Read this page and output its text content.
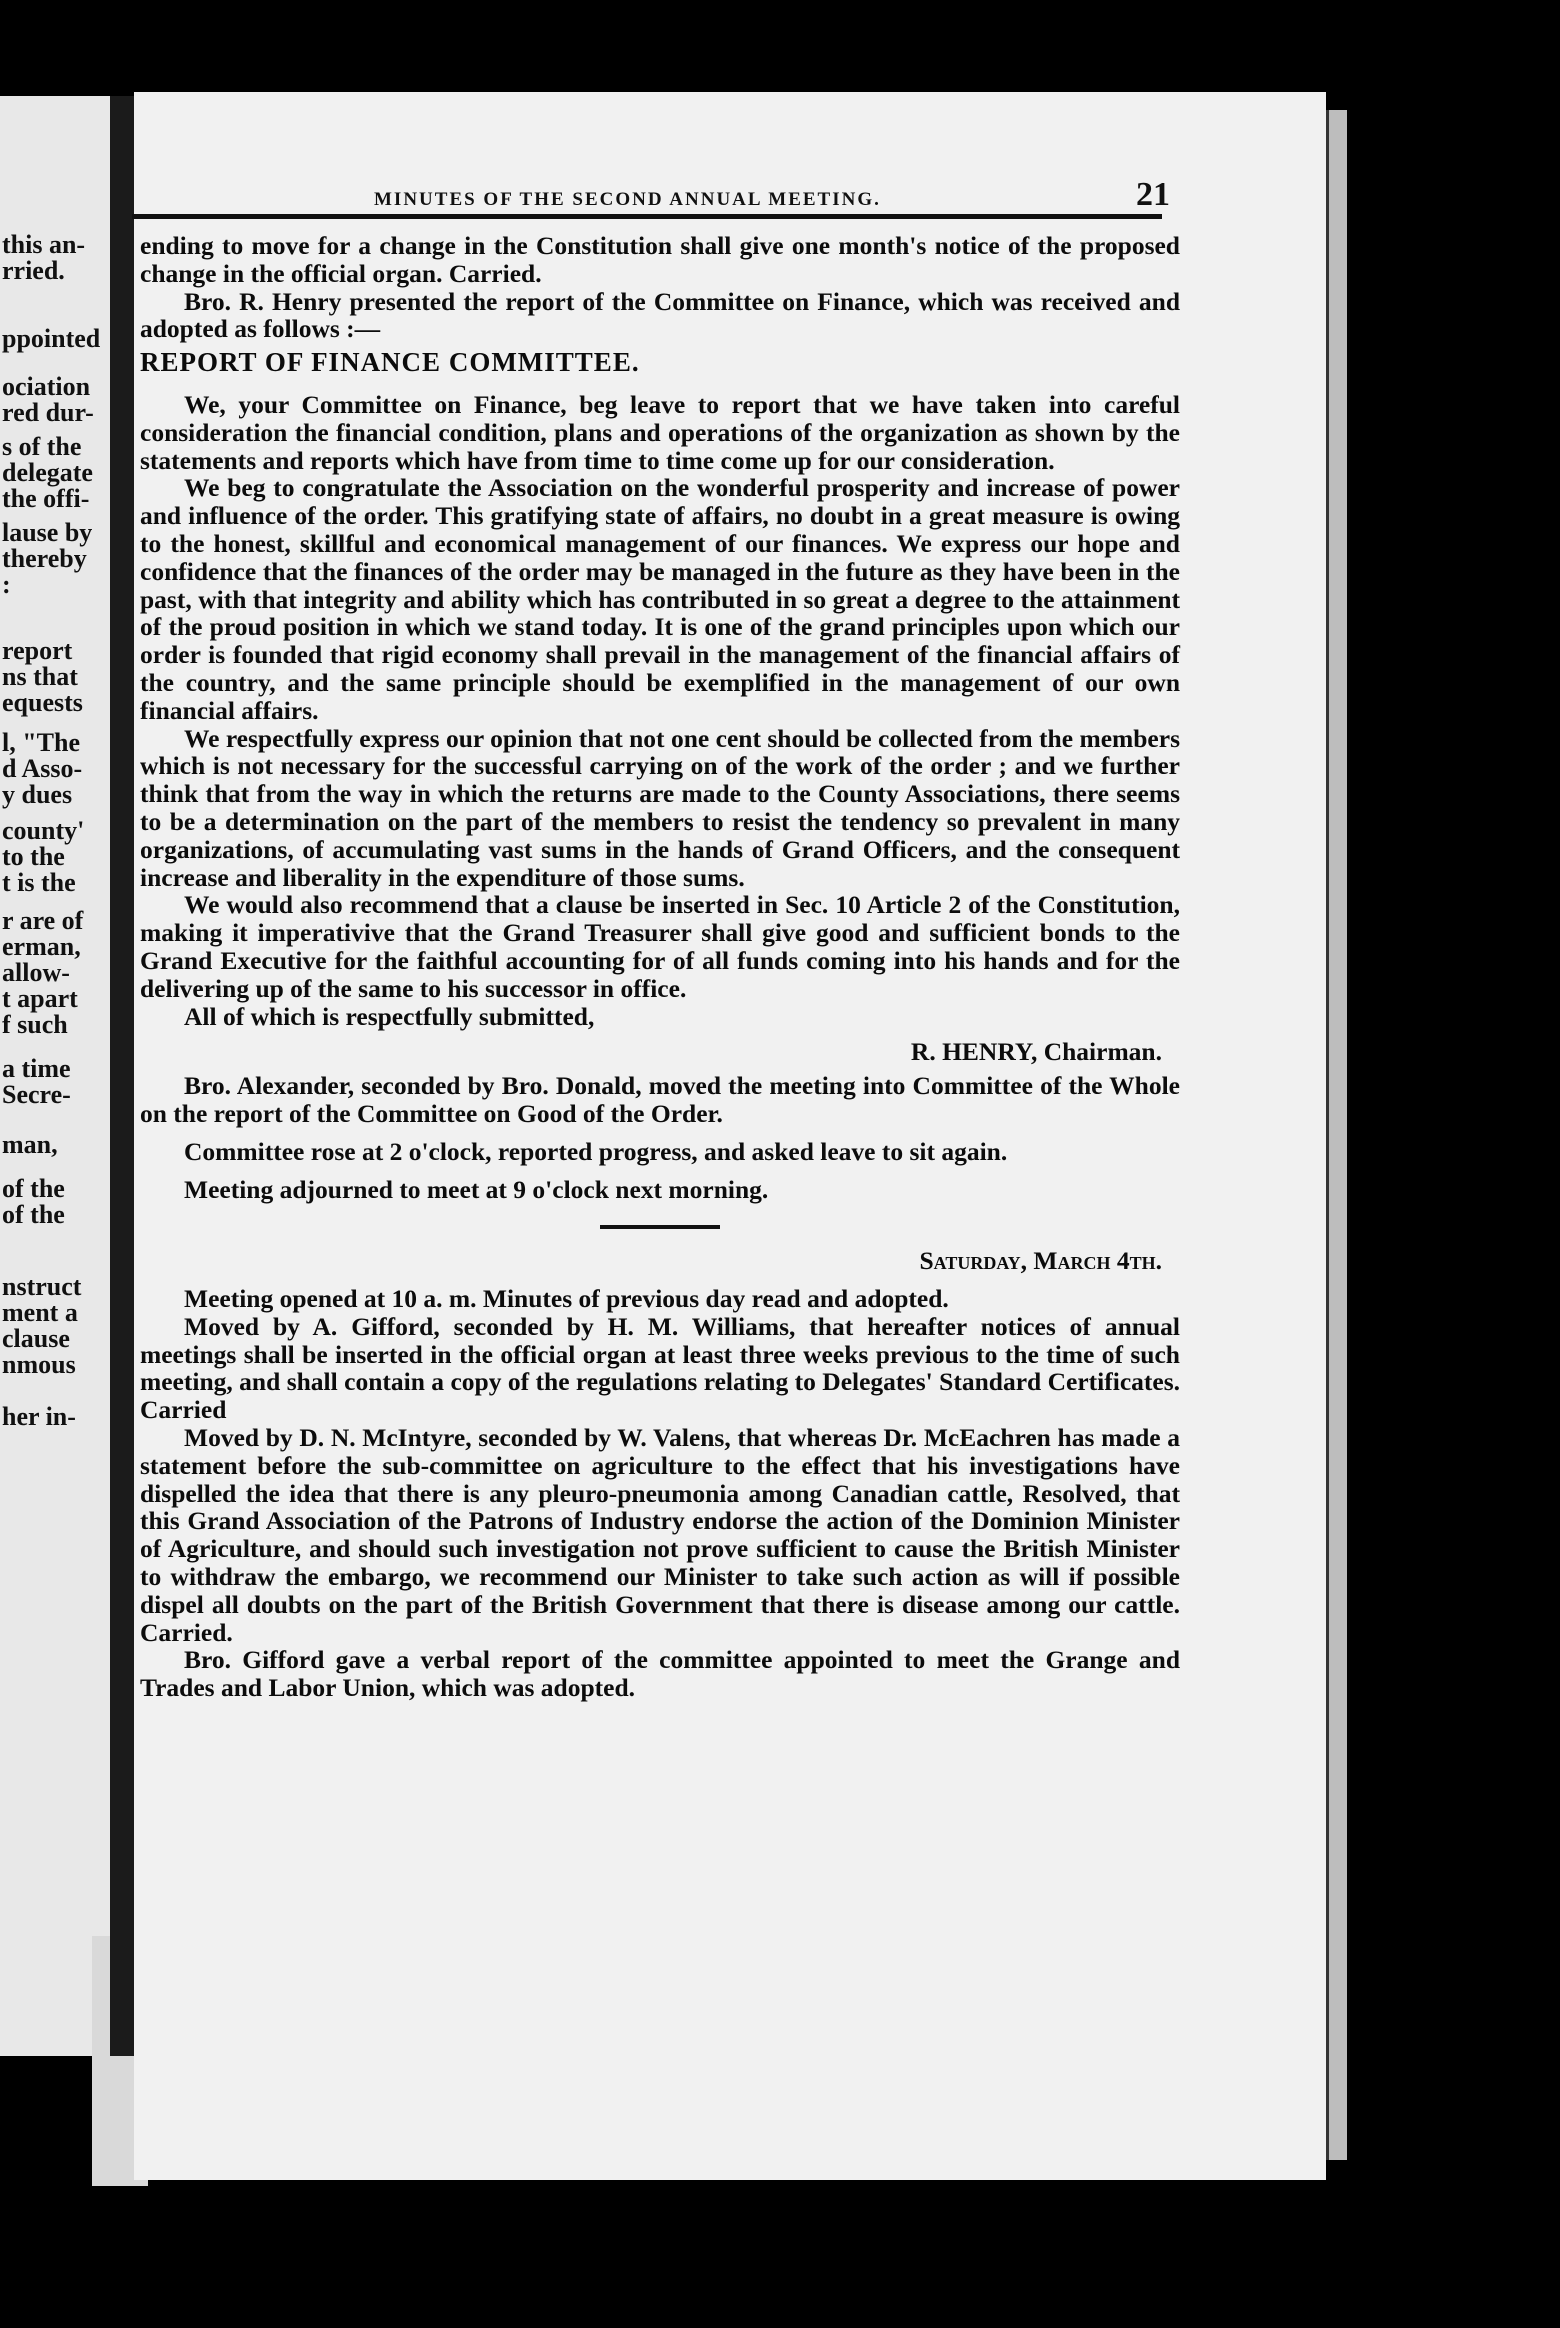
this an-
rried.
ppointed
ociation
red dur-
s of the
delegate
the offi-
lause by
thereby
:
report
ns that
equests
l, "The
d Asso-
y dues
county'
to the
t is the
r are of
erman,
allow-
t apart
f such
a time
Secre-
man,
of the
of the
nstruct
ment a
clause
nmous
her in-
MINUTES OF THE SECOND ANNUAL MEETING.	21

ending to move for a change in the Constitution shall give one month's notice of the proposed change in the official organ. Carried.

Bro. R. Henry presented the report of the Committee on Finance, which was received and adopted as follows :—

REPORT OF FINANCE COMMITTEE.

We, your Committee on Finance, beg leave to report that we have taken into careful consideration the financial condition, plans and operations of the organization as shown by the statements and reports which have from time to time come up for our consideration.

We beg to congratulate the Association on the wonderful prosperity and increase of power and influence of the order. This gratifying state of affairs, no doubt in a great measure is owing to the honest, skillful and economical management of our finances. We express our hope and confidence that the finances of the order may be managed in the future as they have been in the past, with that integrity and ability which has contributed in so great a degree to the attainment of the proud position in which we stand today. It is one of the grand principles upon which our order is founded that rigid economy shall prevail in the management of the financial affairs of the country, and the same principle should be exemplified in the management of our own financial affairs.

We respectfully express our opinion that not one cent should be collected from the members which is not necessary for the successful carrying on of the work of the order ; and we further think that from the way in which the returns are made to the County Associations, there seems to be a determination on the part of the members to resist the tendency so prevalent in many organizations, of accumulating vast sums in the hands of Grand Officers, and the consequent increase and liberality in the expenditure of those sums.

We would also recommend that a clause be inserted in Sec. 10 Article 2 of the Constitution, making it imperativive that the Grand Treasurer shall give good and sufficient bonds to the Grand Executive for the faithful accounting for of all funds coming into his hands and for the delivering up of the same to his successor in office.

All of which is respectfully submitted,

R. HENRY, Chairman.

Bro. Alexander, seconded by Bro. Donald, moved the meeting into Committee of the Whole on the report of the Committee on Good of the Order.

Committee rose at 2 o'clock, reported progress, and asked leave to sit again.

Meeting adjourned to meet at 9 o'clock next morning.

Saturday, March 4th.

Meeting opened at 10 a. m. Minutes of previous day read and adopted.

Moved by A. Gifford, seconded by H. M. Williams, that hereafter notices of annual meetings shall be inserted in the official organ at least three weeks previous to the time of such meeting, and shall contain a copy of the regulations relating to Delegates' Standard Certificates. Carried

Moved by D. N. McIntyre, seconded by W. Valens, that whereas Dr. McEachren has made a statement before the sub-committee on agriculture to the effect that his investigations have dispelled the idea that there is any pleuro-pneumonia among Canadian cattle, Resolved, that this Grand Association of the Patrons of Industry endorse the action of the Dominion Minister of Agriculture, and should such investigation not prove sufficient to cause the British Minister to withdraw the embargo, we recommend our Minister to take such action as will if possible dispel all doubts on the part of the British Government that there is disease among our cattle. Carried.

Bro. Gifford gave a verbal report of the committee appointed to meet the Grange and Trades and Labor Union, which was adopted.
